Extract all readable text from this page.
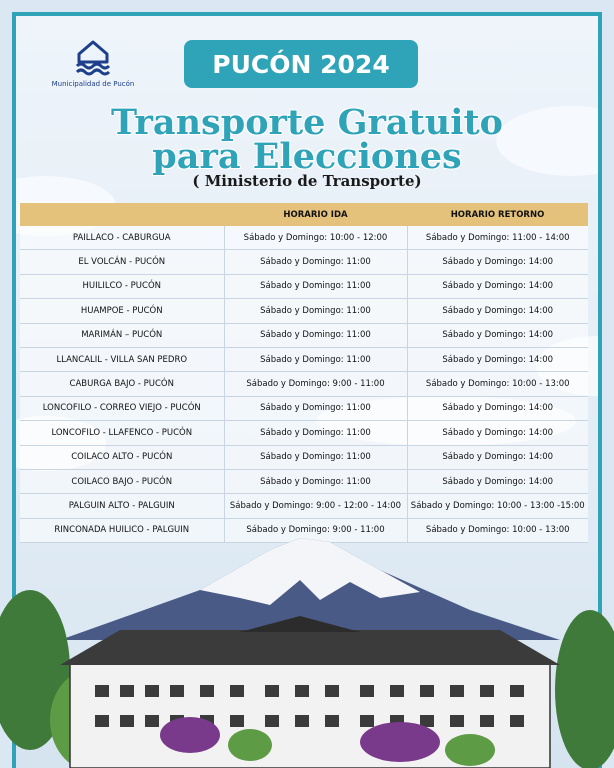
Municipalidad de Pucón
PUCÓN 2024
Transporte Gratuito
para Elecciones
( Ministerio de Transporte)
	HORARIO IDA	HORARIO RETORNO
PAILLACO - CABURGUA	Sábado y Domingo: 10:00 - 12:00	Sábado y Domingo: 11:00 - 14:00
EL VOLCÁN - PUCÓN	Sábado y Domingo: 11:00	Sábado y Domingo: 14:00
HUILILCO - PUCÓN	Sábado y Domingo: 11:00	Sábado y Domingo: 14:00
HUAMPOE - PUCÓN	Sábado y Domingo: 11:00	Sábado y Domingo: 14:00
MARIMÁN – PUCÓN	Sábado y Domingo: 11:00	Sábado y Domingo: 14:00
LLANCALIL - VILLA SAN PEDRO	Sábado y Domingo: 11:00	Sábado y Domingo: 14:00
CABURGA BAJO - PUCÓN	Sábado y Domingo: 9:00 - 11:00	Sábado y Domingo: 10:00 - 13:00
LONCOFILO - CORREO VIEJO - PUCÓN	Sábado y Domingo: 11:00	Sábado y Domingo: 14:00
LONCOFILO - LLAFENCO - PUCÓN	Sábado y Domingo: 11:00	Sábado y Domingo: 14:00
COILACO ALTO - PUCÓN	Sábado y Domingo: 11:00	Sábado y Domingo: 14:00
COILACO BAJO - PUCÓN	Sábado y Domingo: 11:00	Sábado y Domingo: 14:00
PALGUIN ALTO - PALGUIN	Sábado y Domingo: 9:00 - 12:00 - 14:00	Sábado y Domingo: 10:00 - 13:00 -15:00
RINCONADA HUILICO - PALGUIN	Sábado y Domingo: 9:00 - 11:00	Sábado y Domingo: 10:00 - 13:00
